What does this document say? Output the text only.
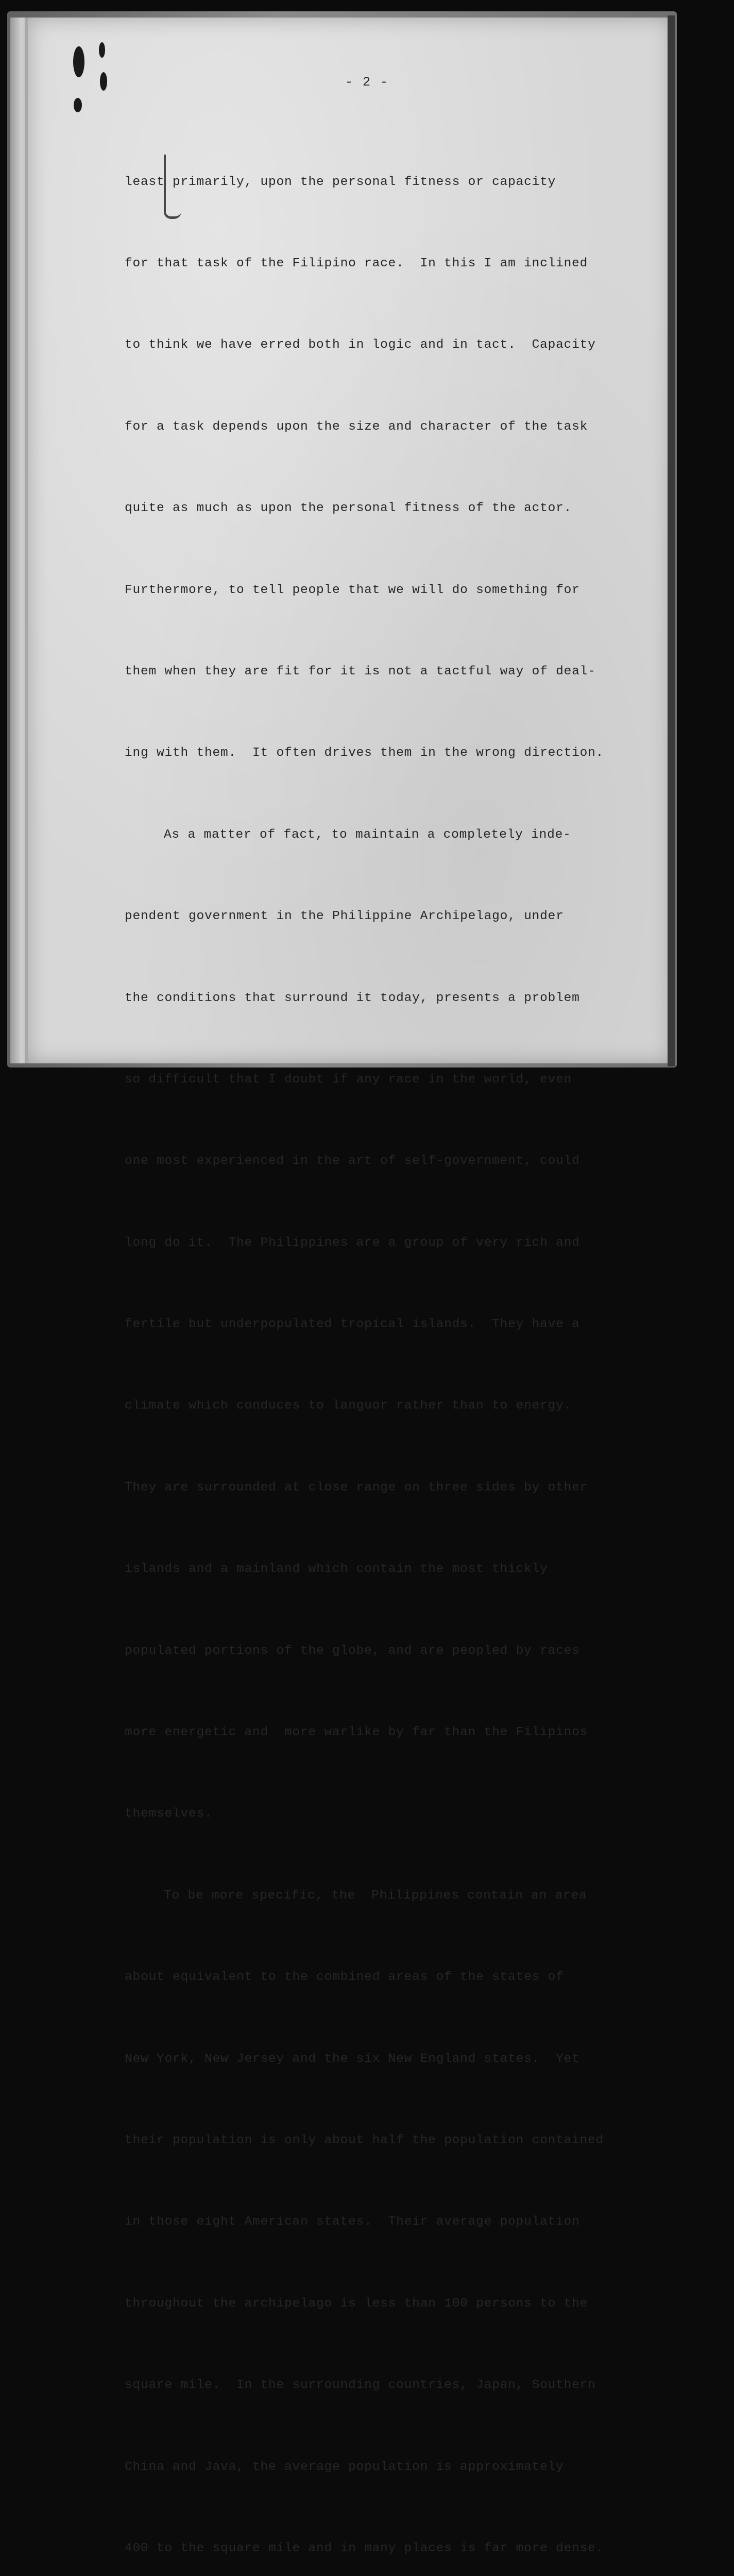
- 2 -

least primarily, upon the personal fitness or capacity

for that task of the Filipino race.  In this I am inclined

to think we have erred both in logic and in tact.  Capacity

for a task depends upon the size and character of the task

quite as much as upon the personal fitness of the actor.

Furthermore, to tell people that we will do something for

them when they are fit for it is not a tactful way of deal-

ing with them.  It often drives them in the wrong direction.

As a matter of fact, to maintain a completely inde-

pendent government in the Philippine Archipelago, under

the conditions that surround it today, presents a problem

so difficult that I doubt if any race in the world, even

one most experienced in the art of self-government, could

long do it.  The Philippines are a group of very rich and

fertile but underpopulated tropical islands.  They have a

climate which conduces to languor rather than to energy.

They are surrounded at close range on three sides by other

islands and a mainland which contain the most thickly

populated portions of the globe, and are peopled by races

more energetic and  more warlike by far than the Filipinos

themselves.

To be more specific, the  Philippines contain an area

about equivalent to the combined areas of the states of

New York, New Jersey and the six New England states.  Yet

their population is only about half the population contained

in those eight American states.  Their average population

throughout the archipelago is less than 100 persons to the

square mile.  In the surrounding countries, Japan, Southern

China and Java, the average population is approximately

400 to the square mile and in many places is far more dense.
